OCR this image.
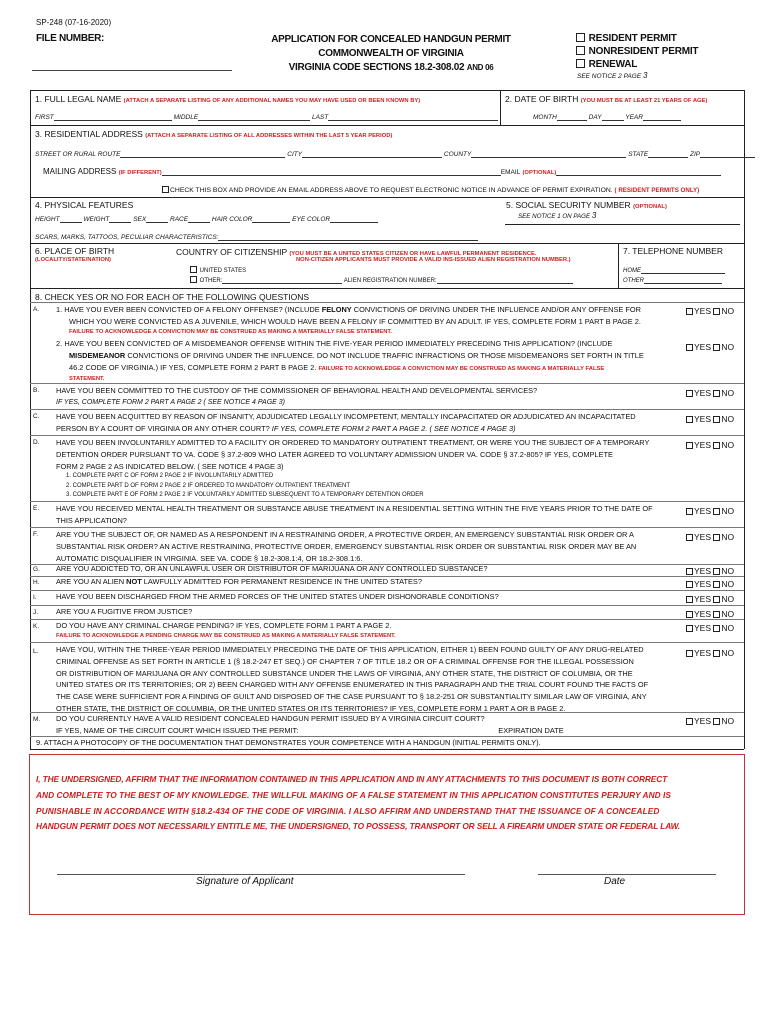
SP-248 (07-16-2020)
FILE NUMBER:	APPLICATION FOR CONCEALED HANDGUN PERMIT
COMMONWEALTH OF VIRGINIA
VIRGINIA CODE SECTIONS 18.2-308.02 AND 06
RESIDENT PERMIT
NONRESIDENT PERMIT
RENEWAL
SEE NOTICE 2 PAGE 3
1. FULL LEGAL NAME (ATTACH A SEPARATE LISTING OF ANY ADDITIONAL NAMES YOU MAY HAVE USED OR BEEN KNOWN BY)	2. DATE OF BIRTH (YOU MUST BE AT LEAST 21 YEARS OF AGE)
FIRST	MIDDLE	LAST	MONTH	DAY	YEAR
3. RESIDENTIAL ADDRESS (ATTACH A SEPARATE LISTING OF ALL ADDRESSES WITHIN THE LAST 5 YEAR PERIOD)
STREET OR RURAL ROUTE	CITY	COUNTY	STATE	ZIP
MAILING ADDRESS (IF DIFFERENT)	EMAIL (OPTIONAL)
CHECK THIS BOX AND PROVIDE AN EMAIL ADDRESS ABOVE TO REQUEST ELECTRONIC NOTICE IN ADVANCE OF PERMIT EXPIRATION. ( RESIDENT PERMITS ONLY)
4. PHYSICAL FEATURES	5. SOCIAL SECURITY NUMBER (OPTIONAL)
SEE NOTICE 1 ON PAGE 3
HEIGHT	WEIGHT	SEX	RACE	HAIR COLOR	EYE COLOR
SCARS, MARKS, TATTOOS, PECULIAR CHARACTERISTICS:
6. PLACE OF BIRTH
(LOCALITY/STATE/NATION)
COUNTRY OF CITIZENSHIP (YOU MUST BE A UNITED STATES CITIZEN OR HAVE LAWFUL PERMANENT RESIDENCE.
NON-CITIZEN APPLICANTS MUST PROVIDE A VALID INS-ISSUED ALIEN REGISTRATION NUMBER.)
UNITED STATES
OTHER:	ALIEN REGISTRATION NUMBER:
7. TELEPHONE NUMBER
HOME
OTHER
8. CHECK YES OR NO FOR EACH OF THE FOLLOWING QUESTIONS
A. 1. HAVE YOU EVER BEEN CONVICTED OF A FELONY OFFENSE? (INCLUDE FELONY CONVICTIONS OF DRIVING UNDER THE INFLUENCE AND/OR ANY OFFENSE FOR
WHICH YOU WERE CONVICTED AS A JUVENILE, WHICH WOULD HAVE BEEN A FELONY IF COMMITTED BY AN ADULT. IF YES, COMPLETE FORM 1 PART B PAGE 2.
FAILURE TO ACKNOWLEDGE A CONVICTION MAY BE CONSTRUED AS MAKING A MATERIALLY FALSE STATEMENT.
YES NO
2. HAVE YOU BEEN CONVICTED OF A MISDEMEANOR OFFENSE WITHIN THE FIVE-YEAR PERIOD IMMEDIATELY PRECEDING THIS APPLICATION? (INCLUDE
MISDEMEANOR CONVICTIONS OF DRIVING UNDER THE INFLUENCE. DO NOT INCLUDE TRAFFIC INFRACTIONS OR THOSE MISDEMEANORS SET FORTH IN TITLE
46.2 CODE OF VIRGINIA.) IF YES, COMPLETE FORM 2 PART B PAGE 2. FAILURE TO ACKNOWLEDGE A CONVICTION MAY BE CONSTRUED AS MAKING A MATERIALLY FALSE
STATEMENT.
YES NO
B. HAVE YOU BEEN COMMITTED TO THE CUSTODY OF THE COMMISSIONER OF BEHAVIORAL HEALTH AND DEVELOPMENTAL SERVICES?
IF YES, COMPLETE FORM 2 PART A PAGE 2 ( SEE NOTICE 4 PAGE 3)
YES NO
C. HAVE YOU BEEN ACQUITTED BY REASON OF INSANITY, ADJUDICATED LEGALLY INCOMPETENT, MENTALLY INCAPACITATED OR ADJUDICATED AN INCAPACITATED
PERSON BY A COURT OF VIRGINIA OR ANY OTHER COURT? IF YES, COMPLETE FORM 2 PART A PAGE 2. ( SEE NOTICE 4 PAGE 3)
YES NO
D. HAVE YOU BEEN INVOLUNTARILY ADMITTED TO A FACILITY OR ORDERED TO MANDATORY OUTPATIENT TREATMENT, OR WERE YOU THE SUBJECT OF A TEMPORARY
DETENTION ORDER PURSUANT TO VA. CODE § 37.2-809 WHO LATER AGREED TO VOLUNTARY ADMISSION UNDER VA. CODE § 37.2-805? IF YES, COMPLETE
FORM 2 PAGE 2 AS INDICATED BELOW. ( SEE NOTICE 4 PAGE 3)
1. COMPLETE PART C OF FORM 2 PAGE 2 IF INVOLUNTARILY ADMITTED
2. COMPLETE PART D OF FORM 2 PAGE 2 IF ORDERED TO MANDATORY OUTPATIENT TREATMENT
3. COMPLETE PART E OF FORM 2 PAGE 2 IF VOLUNTARILY ADMITTED SUBSEQUENT TO A TEMPORARY DETENTION ORDER
YES NO
E. HAVE YOU RECEIVED MENTAL HEALTH TREATMENT OR SUBSTANCE ABUSE TREATMENT IN A RESIDENTIAL SETTING WITHIN THE FIVE YEARS PRIOR TO THE DATE OF
THIS APPLICATION?
YES NO
F. ARE YOU THE SUBJECT OF, OR NAMED AS A RESPONDENT IN A RESTRAINING ORDER, A PROTECTIVE ORDER, AN EMERGENCY SUBSTANTIAL RISK ORDER OR A
SUBSTANTIAL RISK ORDER? AN ACTIVE RESTRAINING, PROTECTIVE ORDER, EMERGENCY SUBSTANTIAL RISK ORDER OR SUBSTANTIAL RISK ORDER MAY BE AN
AUTOMATIC DISQUALIFIER IN VIRGINIA. SEE VA. CODE § 18.2-308.1:4, OR 18.2-308.1:6.
YES NO
G. ARE YOU ADDICTED TO, OR AN UNLAWFUL USER OR DISTRIBUTOR OF MARIJUANA OR ANY CONTROLLED SUBSTANCE?	YES NO
H. ARE YOU AN ALIEN NOT LAWFULLY ADMITTED FOR PERMANENT RESIDENCE IN THE UNITED STATES?	YES NO
I.	HAVE YOU BEEN DISCHARGED FROM THE ARMED FORCES OF THE UNITED STATES UNDER DISHONORABLE CONDITIONS?	YES NO
J. ARE YOU A FUGITIVE FROM JUSTICE?	YES NO
K. DO YOU HAVE ANY CRIMINAL CHARGE PENDING? IF YES, COMPLETE FORM 1 PART A PAGE 2.
FAILURE TO ACKNOWLEDGE A PENDING CHARGE MAY BE CONSTRUED AS MAKING A MATERIALLY FALSE STATEMENT.
YES NO
L. HAVE YOU, WITHIN THE THREE-YEAR PERIOD IMMEDIATELY PRECEDING THE DATE OF THIS APPLICATION, EITHER 1) BEEN FOUND GUILTY OF ANY DRUG-RELATED
CRIMINAL OFFENSE AS SET FORTH IN ARTICLE 1 (§ 18.2-247 ET SEQ.) OF CHAPTER 7 OF TITLE 18.2 OR OF A CRIMINAL OFFENSE FOR THE ILLEGAL POSSESSION
OR DISTRIBUTION OF MARIJUANA OR ANY CONTROLLED SUBSTANCE UNDER THE LAWS OF VIRGINIA, ANY OTHER STATE, THE DISTRICT OF COLUMBIA, OR THE
UNITED STATES OR ITS TERRITORIES; OR 2) BEEN CHARGED WITH ANY OFFENSE ENUMERATED IN THIS PARAGRAPH AND THE TRIAL COURT FOUND THE FACTS OF
THE CASE WERE SUFFICIENT FOR A FINDING OF GUILT AND DISPOSED OF THE CASE PURSUANT TO § 18.2-251 OR SUBSTANTIALITY SIMILAR LAW OF VIRGINIA, ANY
OTHER STATE, THE DISTRICT OF COLUMBIA, OR THE UNITED STATES OR ITS TERRITORIES? IF YES, COMPLETE FORM 1 PART A OR B PAGE 2.
YES NO
M. DO YOU CURRENTLY HAVE A VALID RESIDENT CONCEALED HANDGUN PERMIT ISSUED BY A VIRGINIA CIRCUIT COURT?
IF YES, NAME OF THE CIRCUIT COURT WHICH ISSUED THE PERMIT:	EXPIRATION DATE
YES NO
9. ATTACH A PHOTOCOPY OF THE DOCUMENTATION THAT DEMONSTRATES YOUR COMPETENCE WITH A HANDGUN (INITIAL PERMITS ONLY).
I, THE UNDERSIGNED, AFFIRM THAT THE INFORMATION CONTAINED IN THIS APPLICATION AND IN ANY ATTACHMENTS TO THIS DOCUMENT IS BOTH CORRECT
AND COMPLETE TO THE BEST OF MY KNOWLEDGE. THE WILLFUL MAKING OF A FALSE STATEMENT IN THIS APPLICATION CONSTITUTES PERJURY AND IS
PUNISHABLE IN ACCORDANCE WITH §18.2-434 OF THE CODE OF VIRGINIA. I ALSO AFFIRM AND UNDERSTAND THAT THE ISSUANCE OF A CONCEALED
HANDGUN PERMIT DOES NOT NECESSARILY ENTITLE ME, THE UNDERSIGNED, TO POSSESS, TRANSPORT OR SELL A FIREARM UNDER STATE OR FEDERAL LAW.
Signature of Applicant	Date
